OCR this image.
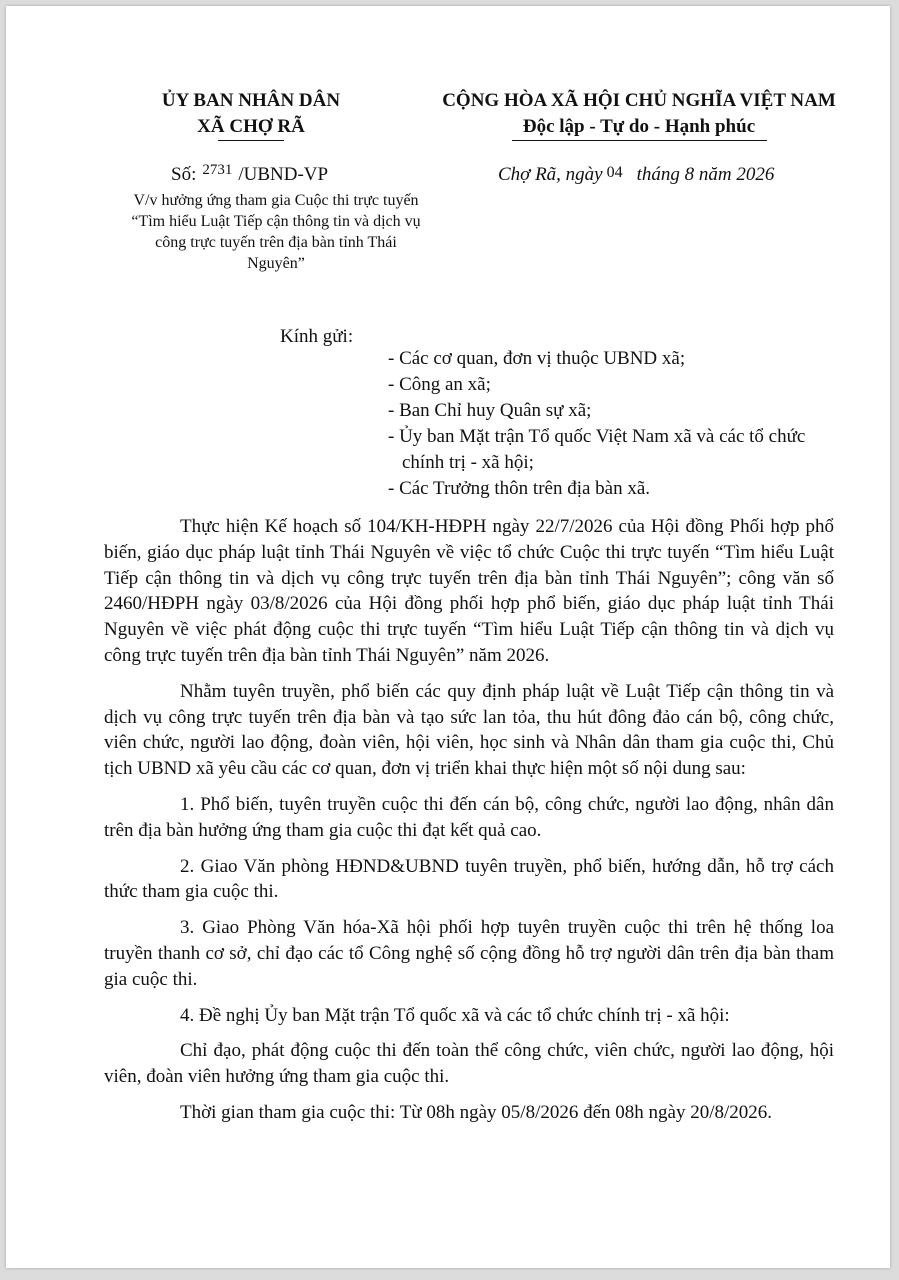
ỦY BAN NHÂN DÂN
XÃ CHỢ RÃ
CỘNG HÒA XÃ HỘI CHỦ NGHĨA VIỆT NAM
Độc lập - Tự do - Hạnh phúc
Số: $^{2731}$ /UBND-VP
V/v hưởng ứng tham gia Cuộc thi trực tuyến “Tìm hiểu Luật Tiếp cận thông tin và dịch vụ công trực tuyến trên địa bàn tỉnh Thái Nguyên”
Chợ Rã, ngày 04 tháng 8 năm 2026
Kính gửi:
- Các cơ quan, đơn vị thuộc UBND xã;
- Công an xã;
- Ban Chỉ huy Quân sự xã;
- Ủy ban Mặt trận Tổ quốc Việt Nam xã và các tổ chức chính trị - xã hội;
- Các Trưởng thôn trên địa bàn xã.

Thực hiện Kế hoạch số 104/KH-HĐPH ngày 22/7/2026 của Hội đồng Phối hợp phổ biến, giáo dục pháp luật tỉnh Thái Nguyên về việc tổ chức Cuộc thi trực tuyến “Tìm hiểu Luật Tiếp cận thông tin và dịch vụ công trực tuyến trên địa bàn tỉnh Thái Nguyên”; công văn số 2460/HĐPH ngày 03/8/2026 của Hội đồng phối hợp phổ biến, giáo dục pháp luật tỉnh Thái Nguyên về việc phát động cuộc thi trực tuyến “Tìm hiểu Luật Tiếp cận thông tin và dịch vụ công trực tuyến trên địa bàn tỉnh Thái Nguyên” năm 2026.

Nhằm tuyên truyền, phổ biến các quy định pháp luật về Luật Tiếp cận thông tin và dịch vụ công trực tuyến trên địa bàn và tạo sức lan tỏa, thu hút đông đảo cán bộ, công chức, viên chức, người lao động, đoàn viên, hội viên, học sinh và Nhân dân tham gia cuộc thi, Chủ tịch UBND xã yêu cầu các cơ quan, đơn vị triển khai thực hiện một số nội dung sau:

1. Phổ biến, tuyên truyền cuộc thi đến cán bộ, công chức, người lao động, nhân dân trên địa bàn hưởng ứng tham gia cuộc thi đạt kết quả cao.

2. Giao Văn phòng HĐND&UBND tuyên truyền, phổ biến, hướng dẫn, hỗ trợ cách thức tham gia cuộc thi.

3. Giao Phòng Văn hóa-Xã hội phối hợp tuyên truyền cuộc thi trên hệ thống loa truyền thanh cơ sở, chỉ đạo các tổ Công nghệ số cộng đồng hỗ trợ người dân trên địa bàn tham gia cuộc thi.

4. Đề nghị Ủy ban Mặt trận Tổ quốc xã và các tổ chức chính trị - xã hội:

Chỉ đạo, phát động cuộc thi đến toàn thể công chức, viên chức, người lao động, hội viên, đoàn viên hưởng ứng tham gia cuộc thi.

Thời gian tham gia cuộc thi: Từ 08h ngày 05/8/2026 đến 08h ngày 20/8/2026.
